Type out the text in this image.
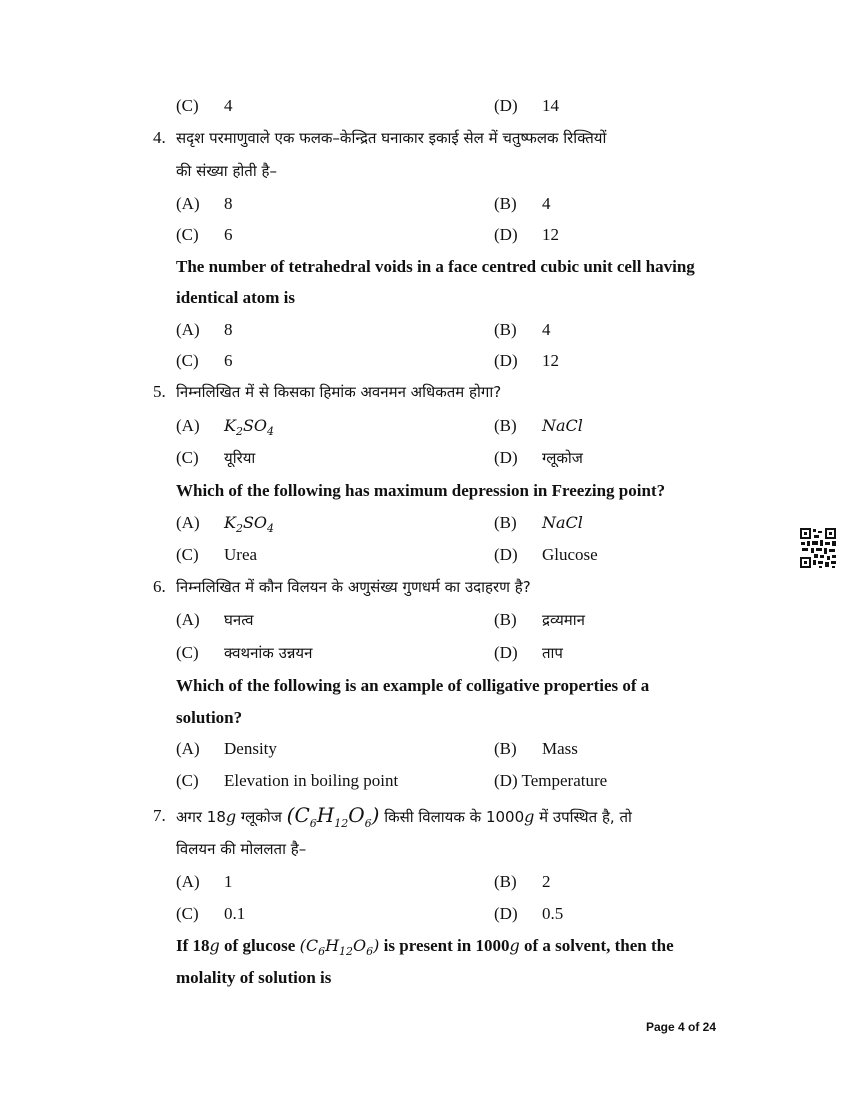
(C) 4	(D) 14
4. सदृश परमाणुवाले एक फलक–केन्द्रित घनाकार इकाई सेल में चतुष्फलक रिक्तियों
की संख्या होती है–
(A) 8	(B) 4
(C) 6	(D) 12
The number of tetrahedral voids in a face centred cubic unit cell having
identical atom is
(A) 8	(B) 4
(C) 6	(D) 12
5. निम्नलिखित में से किसका हिमांक अवनमन अधिकतम होगा?
(A) $K_2SO_4$	(B) NaCl
(C) यूरिया	(D) ग्लूकोज
Which of the following has maximum depression in Freezing point?
(A) $K_2SO_4$	(B) NaCl
(C) Urea	(D) Glucose
6. निम्नलिखित में कौन विलयन के अणुसंख्य गुणधर्म का उदाहरण है?
(A) घनत्व	(B) द्रव्यमान
(C) क्वथनांक उन्नयन	(D) ताप
Which of the following is an example of colligative properties of a
solution?
(A) Density	(B) Mass
(C) Elevation in boiling point	(D) Temperature
7. अगर 18g ग्लूकोज $(C_6H_{12}O_6)$ किसी विलायक के 1000g में उपस्थित है, तो
विलयन की मोललता है–
(A) 1	(B) 2
(C) 0.1	(D) 0.5
If 18g of glucose $(C_6H_{12}O_6)$ is present in 1000g of a solvent, then the
molality of solution is
Page 4 of 24
